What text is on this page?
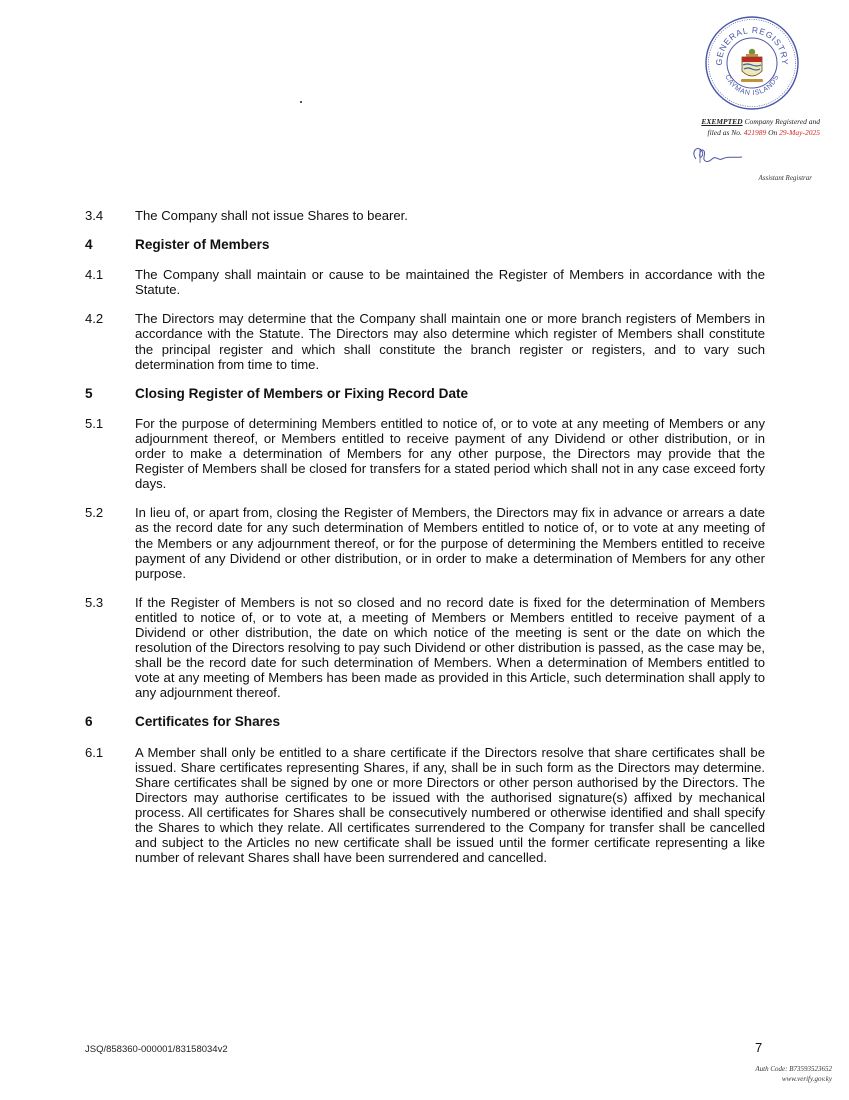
GENERAL REGISTRY
CAYMAN ISLANDS
EXEMPTED Company Registered and
filed as No. 421989 On 29-May-2025
Assistant Registrar
3.4	The Company shall not issue Shares to bearer.
4	Register of Members
4.1	The Company shall maintain or cause to be maintained the Register of Members in accordance with the Statute.
4.2	The Directors may determine that the Company shall maintain one or more branch registers of Members in accordance with the Statute. The Directors may also determine which register of Members shall constitute the principal register and which shall constitute the branch register or registers, and to vary such determination from time to time.
5	Closing Register of Members or Fixing Record Date
5.1	For the purpose of determining Members entitled to notice of, or to vote at any meeting of Members or any adjournment thereof, or Members entitled to receive payment of any Dividend or other distribution, or in order to make a determination of Members for any other purpose, the Directors may provide that the Register of Members shall be closed for transfers for a stated period which shall not in any case exceed forty days.
5.2	In lieu of, or apart from, closing the Register of Members, the Directors may fix in advance or arrears a date as the record date for any such determination of Members entitled to notice of, or to vote at any meeting of the Members or any adjournment thereof, or for the purpose of determining the Members entitled to receive payment of any Dividend or other distribution, or in order to make a determination of Members for any other purpose.
5.3	If the Register of Members is not so closed and no record date is fixed for the determination of Members entitled to notice of, or to vote at, a meeting of Members or Members entitled to receive payment of a Dividend or other distribution, the date on which notice of the meeting is sent or the date on which the resolution of the Directors resolving to pay such Dividend or other distribution is passed, as the case may be, shall be the record date for such determination of Members. When a determination of Members entitled to vote at any meeting of Members has been made as provided in this Article, such determination shall apply to any adjournment thereof.
6	Certificates for Shares
6.1	A Member shall only be entitled to a share certificate if the Directors resolve that share certificates shall be issued. Share certificates representing Shares, if any, shall be in such form as the Directors may determine. Share certificates shall be signed by one or more Directors or other person authorised by the Directors. The Directors may authorise certificates to be issued with the authorised signature(s) affixed by mechanical process. All certificates for Shares shall be consecutively numbered or otherwise identified and shall specify the Shares to which they relate. All certificates surrendered to the Company for transfer shall be cancelled and subject to the Articles no new certificate shall be issued until the former certificate representing a like number of relevant Shares shall have been surrendered and cancelled.
JSQ/858360-000001/83158034v2	7
Auth Code: B73593523652
www.verify.gov.ky
